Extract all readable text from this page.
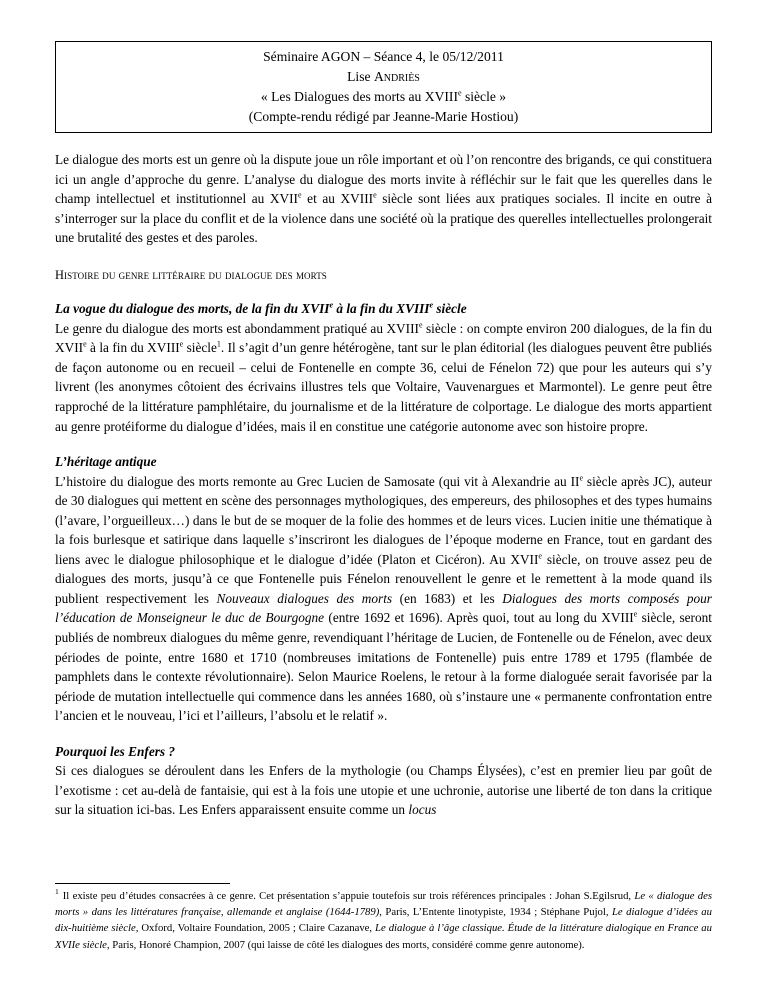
Séminaire AGON – Séance 4, le 05/12/2011
Lise Andriès
« Les Dialogues des morts au XVIIIe siècle »
(Compte-rendu rédigé par Jeanne-Marie Hostiou)

Le dialogue des morts est un genre où la dispute joue un rôle important et où l’on rencontre des brigands, ce qui constituera ici un angle d’approche du genre. L’analyse du dialogue des morts invite à réfléchir sur le fait que les querelles dans le champ intellectuel et institutionnel au XVIIe et au XVIIIe siècle sont liées aux pratiques sociales. Il incite en outre à s’interroger sur la place du conflit et de la violence dans une société où la pratique des querelles intellectuelles prolongerait une brutalité des gestes et des paroles.

Histoire du genre littéraire du dialogue des morts

La vogue du dialogue des morts, de la fin du XVIIe à la fin du XVIIIe siècle

Le genre du dialogue des morts est abondamment pratiqué au XVIIIe siècle : on compte environ 200 dialogues, de la fin du XVIIe à la fin du XVIIIe siècle$^1$. Il s’agit d’un genre hétérogène, tant sur le plan éditorial (les dialogues peuvent être publiés de façon autonome ou en recueil – celui de Fontenelle en compte 36, celui de Fénelon 72) que pour les auteurs qui s’y livrent (les anonymes côtoient des écrivains illustres tels que Voltaire, Vauvenargues et Marmontel). Le genre peut être rapproché de la littérature pamphlétaire, du journalisme et de la littérature de colportage. Le dialogue des morts appartient au genre protéiforme du dialogue d’idées, mais il en constitue une catégorie autonome avec son histoire propre.

L’héritage antique

L’histoire du dialogue des morts remonte au Grec Lucien de Samosate (qui vit à Alexandrie au IIe siècle après JC), auteur de 30 dialogues qui mettent en scène des personnages mythologiques, des empereurs, des philosophes et des types humains (l’avare, l’orgueilleux…) dans le but de se moquer de la folie des hommes et de leurs vices. Lucien initie une thématique à la fois burlesque et satirique dans laquelle s’inscriront les dialogues de l’époque moderne en France, tout en gardant des liens avec le dialogue philosophique et le dialogue d’idée (Platon et Cicéron). Au XVIIe siècle, on trouve assez peu de dialogues des morts, jusqu’à ce que Fontenelle puis Fénelon renouvellent le genre et le remettent à la mode quand ils publient respectivement les Nouveaux dialogues des morts (en 1683) et les Dialogues des morts composés pour l’éducation de Monseigneur le duc de Bourgogne (entre 1692 et 1696). Après quoi, tout au long du XVIIIe siècle, seront publiés de nombreux dialogues du même genre, revendiquant l’héritage de Lucien, de Fontenelle ou de Fénelon, avec deux périodes de pointe, entre 1680 et 1710 (nombreuses imitations de Fontenelle) puis entre 1789 et 1795 (flambée de pamphlets dans le contexte révolutionnaire). Selon Maurice Roelens, le retour à la forme dialoguée serait favorisée par la période de mutation intellectuelle qui commence dans les années 1680, où s’instaure une « permanente confrontation entre l’ancien et le nouveau, l’ici et l’ailleurs, l’absolu et le relatif ».

Pourquoi les Enfers ?

Si ces dialogues se déroulent dans les Enfers de la mythologie (ou Champs Élysées), c’est en premier lieu par goût de l’exotisme : cet au-delà de fantaisie, qui est à la fois une utopie et une uchronie, autorise une liberté de ton dans la critique sur la situation ici-bas. Les Enfers apparaissent ensuite comme un locus

$^1$ Il existe peu d’études consacrées à ce genre. Cet présentation s’appuie toutefois sur trois références principales : Johan S.Egilsrud, Le « dialogue des morts » dans les littératures française, allemande et anglaise (1644-1789), Paris, L’Entente linotypiste, 1934 ; Stéphane Pujol, Le dialogue d’idées au dix-huitième siècle, Oxford, Voltaire Foundation, 2005 ; Claire Cazanave, Le dialogue à l’âge classique. Étude de la littérature dialogique en France au XVIIe siècle, Paris, Honoré Champion, 2007 (qui laisse de côté les dialogues des morts, considéré comme genre autonome).
